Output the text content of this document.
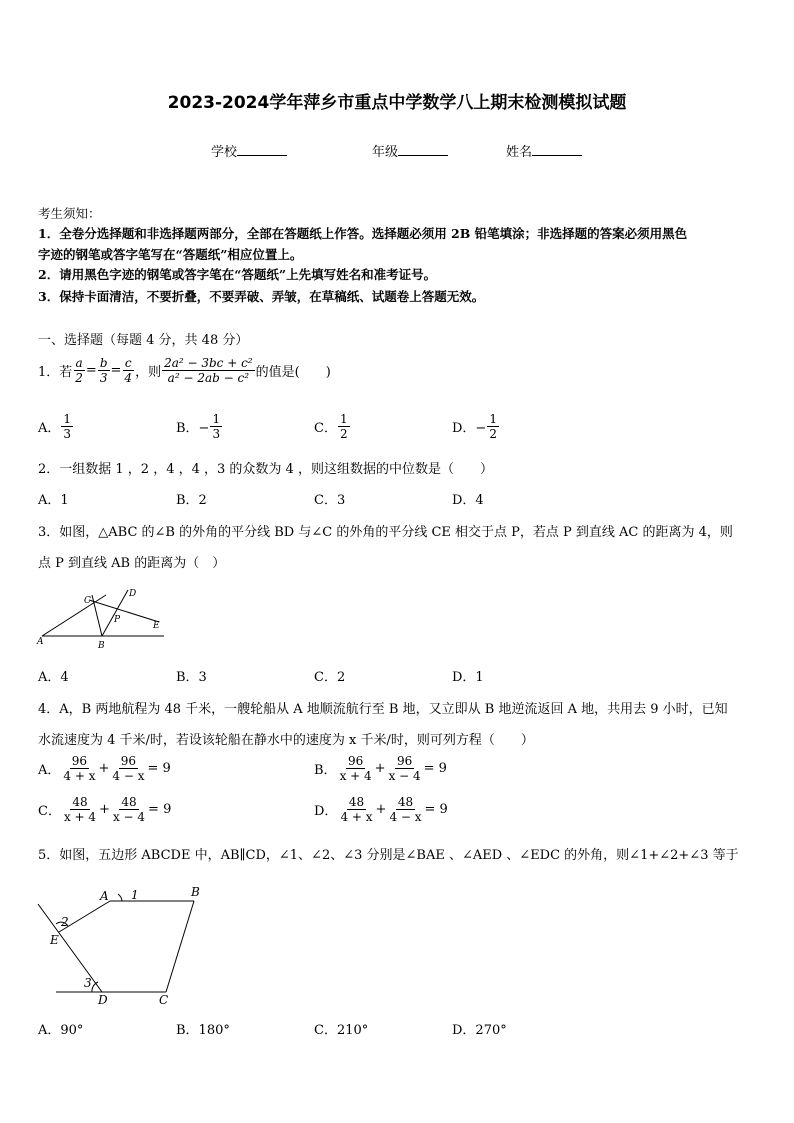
2023-2024学年萍乡市重点中学数学八上期末检测模拟试题
学校	年级	姓名
考生须知：
1．全卷分选择题和非选择题两部分，全部在答题纸上作答。选择题必须用 2B 铅笔填涂；非选择题的答案必须用黑色
字迹的钢笔或答字笔写在“答题纸”相应位置上。
2．请用黑色字迹的钢笔或答字笔在“答题纸”上先填写姓名和准考证号。
3．保持卡面清洁，不要折叠，不要弄破、弄皱，在草稿纸、试题卷上答题无效。
一、选择题（每题 4 分，共 48 分）
1．若 $\frac{a}{2} = \frac{b}{3} = \frac{c}{4}$ ，则 $\frac{\text{2a² − 3bc + c²}}{\text{a² − 2ab − c²}}$ 的值是(　　)
A． $\frac{1}{3}$	B．− $\frac{1}{3}$	C． $\frac{1}{2}$	D．− $\frac{1}{2}$
2．一组数据 1 ，2 ，4 ，4 ，3 的众数为 4 ，则这组数据的中位数是（　　）
A．1	B．2	C．3	D．4
3．如图，△ABC 的∠B 的外角的平分线 BD 与∠C 的外角的平分线 CE 相交于点 P，若点 P 到直线 AC 的距离为 4，则
点 P 到直线 AB 的距离为（　）
A	B
C
D
E
P
A．4	B．3	C．2	D．1
4．A，B 两地航程为 48 千米，一艘轮船从 A 地顺流航行至 B 地，又立即从 B 地逆流返回 A 地，共用去 9 小时，已知
水流速度为 4 千米/时，若设该轮船在静水中的速度为 x 千米/时，则可列方程（　　）
A． $\frac{96}{4 + x} + \frac{96}{4 - x} = 9$	B． $\frac{96}{x + 4} + \frac{96}{x - 4} = 9$
C． $\frac{48}{x + 4} + \frac{48}{x - 4} = 9$	D． $\frac{48}{4 + x} + \frac{48}{4 - x} = 9$
5．如图，五边形 ABCDE 中，AB∥CD，∠1、∠2、∠3 分别是∠BAE 、∠AED 、∠EDC 的外角，则∠1+∠2+∠3 等于
A	B
C
D
E
1
2
3
A．90°	B．180°	C．210°	D．270°
